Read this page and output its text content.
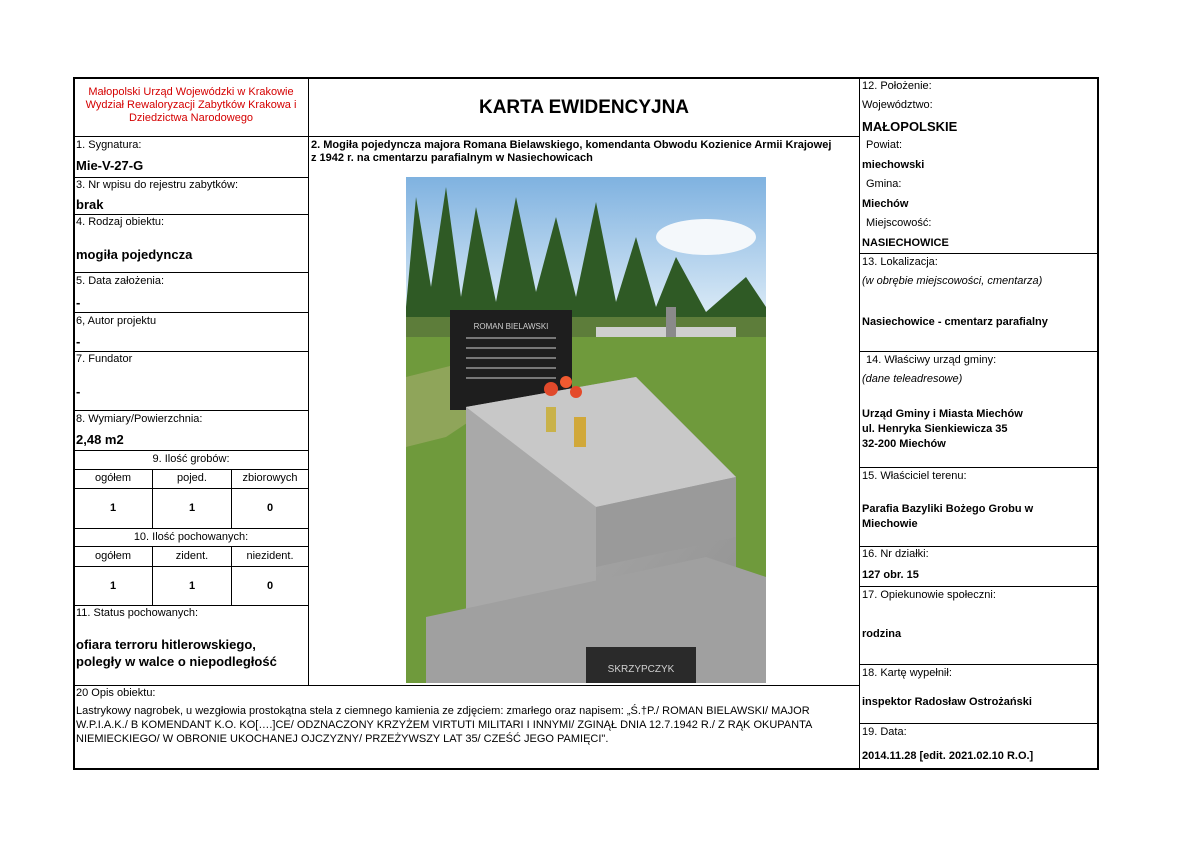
Małopolski Urząd Wojewódzki w Krakowie
Wydział Rewaloryzacji Zabytków Krakowa i
Dziedzictwa Narodowego	KARTA EWIDENCYJNA
2. Mogiła pojedyncza majora Romana Bielawskiego, komendanta Obwodu Kozienice Armii Krajowej
z 1942 r. na cmentarzu parafialnym w Nasiechowicach
1. Sygnatura:
Mie-V-27-G
3. Nr wpisu do rejestru zabytków:
brak
4. Rodzaj obiektu:
mogiła pojedyncza
5. Data założenia:
-
6, Autor projektu
-
7. Fundator
-
8. Wymiary/Powierzchnia:
2,48 m2
9. Ilość grobów:
ogółem	pojed.	zbiorowych
1	1	0
10. Ilość pochowanych:
ogółem	zident.	niezident.
1	1	0
11. Status pochowanych:
ofiara terroru hitlerowskiego,
poległy w walce o niepodległość
ROMAN BIELAWSKI
SKRZYPCZYK
12. Położenie:
Województwo:
MAŁOPOLSKIE
Powiat:
miechowski
Gmina:
Miechów
Miejscowość:
NASIECHOWICE
13. Lokalizacja:
(w obrębie miejscowości, cmentarza)
Nasiechowice - cmentarz parafialny
14. Właściwy urząd gminy:
(dane teleadresowe)
Urząd Gminy i Miasta Miechów
ul. Henryka Sienkiewicza 35
32-200 Miechów
15. Właściciel terenu:
Parafia Bazyliki Bożego Grobu w
Miechowie
16. Nr działki:
127 obr. 15
17. Opiekunowie społeczni:
rodzina
18. Kartę wypełnił:
inspektor Radosław Ostrożański
19. Data:
2014.11.28 [edit. 2021.02.10 R.O.]
20 Opis obiektu:
Lastrykowy nagrobek, u wezgłowia prostokątna stela z ciemnego kamienia ze zdjęciem: zmarłego oraz napisem: „Ś.†P./ ROMAN BIELAWSKI/ MAJOR
W.P.I.A.K./ B KOMENDANT K.O. KO[….]CE/ ODZNACZONY KRZYŻEM VIRTUTI MILITARI I INNYMI/ ZGINĄŁ DNIA 12.7.1942 R./ Z RĄK OKUPANTA
NIEMIECKIEGO/ W OBRONIE UKOCHANEJ OJCZYZNY/ PRZEŻYWSZY LAT 35/ CZEŚĆ JEGO PAMIĘCI".
